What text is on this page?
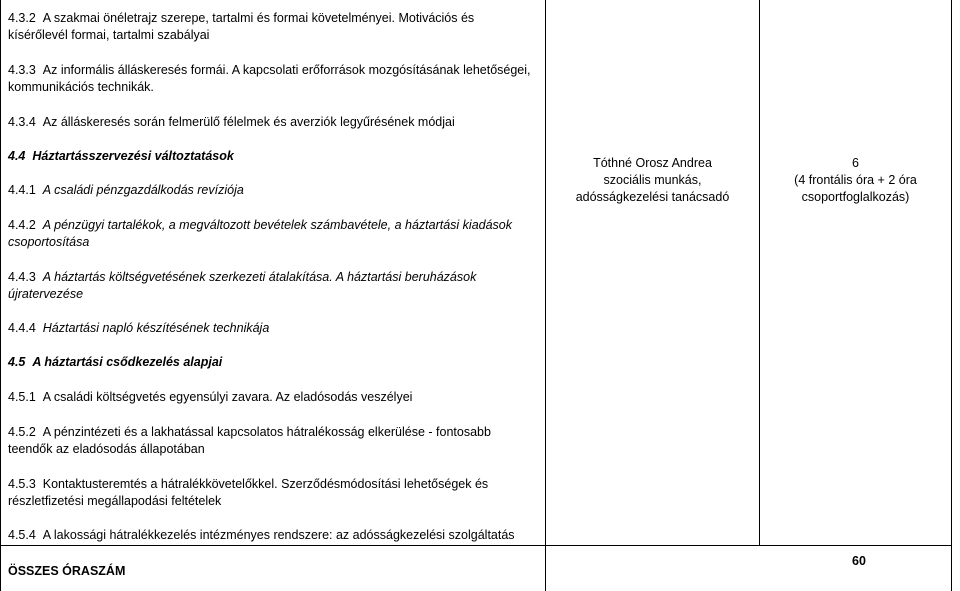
4.3.2 A szakmai önéletrajz szerepe, tartalmi és formai követelményei. Motivációs és kísérőlevél formai, tartalmi szabályai

4.3.3 Az informális álláskeresés formái. A kapcsolati erőforrások mozgósításának lehetőségei, kommunikációs technikák.

4.3.4 Az álláskeresés során felmerülő félelmek és averziók legyűrésének módjai

4.4 Háztartásszervezési változtatások

4.4.1 A családi pénzgazdálkodás revíziója

4.4.2 A pénzügyi tartalékok, a megváltozott bevételek számbavétele, a háztartási kiadások csoportosítása

4.4.3 A háztartás költségvetésének szerkezeti átalakítása. A háztartási beruházások újratervezése

4.4.4 Háztartási napló készítésének technikája

4.5 A háztartási csődkezelés alapjai

4.5.1 A családi költségvetés egyensúlyi zavara. Az eladósodás veszélyei

4.5.2 A pénzintézeti és a lakhatással kapcsolatos hátralékosság elkerülése - fontosabb teendők az eladósodás állapotában

4.5.3 Kontaktusteremtés a hátralékkövetelőkkel. Szerződésmódosítási lehetőségek és részletfizetési megállapodási feltételek

4.5.4 A lakossági hátralékkezelés intézményes rendszere: az adósságkezelési szolgáltatás

Tóthné Orosz Andrea
szociális munkás,
adósságkezelési tanácsadó
6
(4 frontális óra + 2 óra
csoportfoglalkozás)

ÖSSZES ÓRASZÁM

60
